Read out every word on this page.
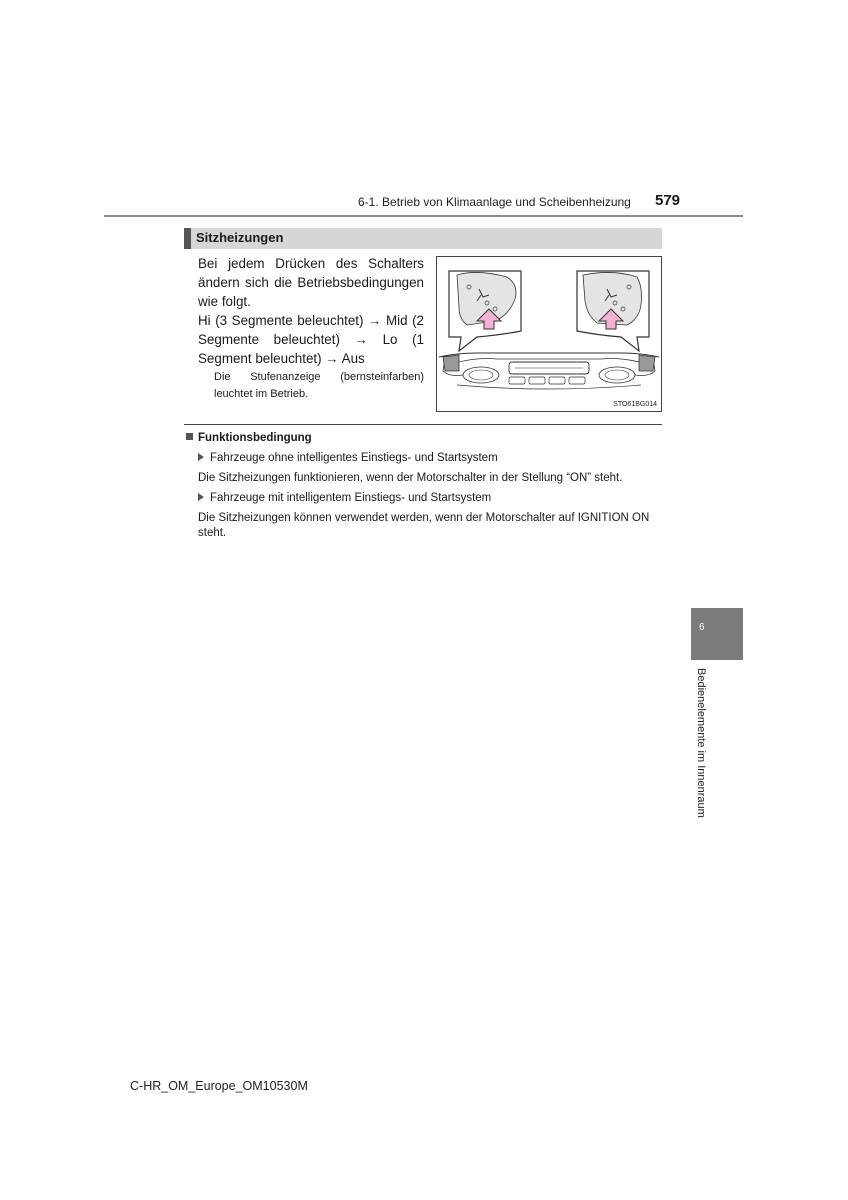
6-1. Betrieb von Klimaanlage und Scheibenheizung 579
Sitzheizungen

Bei jedem Drücken des Schalters ändern sich die Betriebsbedingungen wie folgt.

Hi (3 Segmente beleuchtet) → Mid (2 Segmente beleuchtet) → Lo (1 Segment beleuchtet) → Aus

Die Stufenanzeige (bernsteinfarben) leuchtet im Betrieb.
STO61BG014
Funktionsbedingung
Fahrzeuge ohne intelligentes Einstiegs- und Startsystem
Die Sitzheizungen funktionieren, wenn der Motorschalter in der Stellung “ON” steht.
Fahrzeuge mit intelligentem Einstiegs- und Startsystem
Die Sitzheizungen können verwendet werden, wenn der Motorschalter auf IGNITION ON steht.
6
Bedienelemente im Innenraum
C-HR_OM_Europe_OM10530M
